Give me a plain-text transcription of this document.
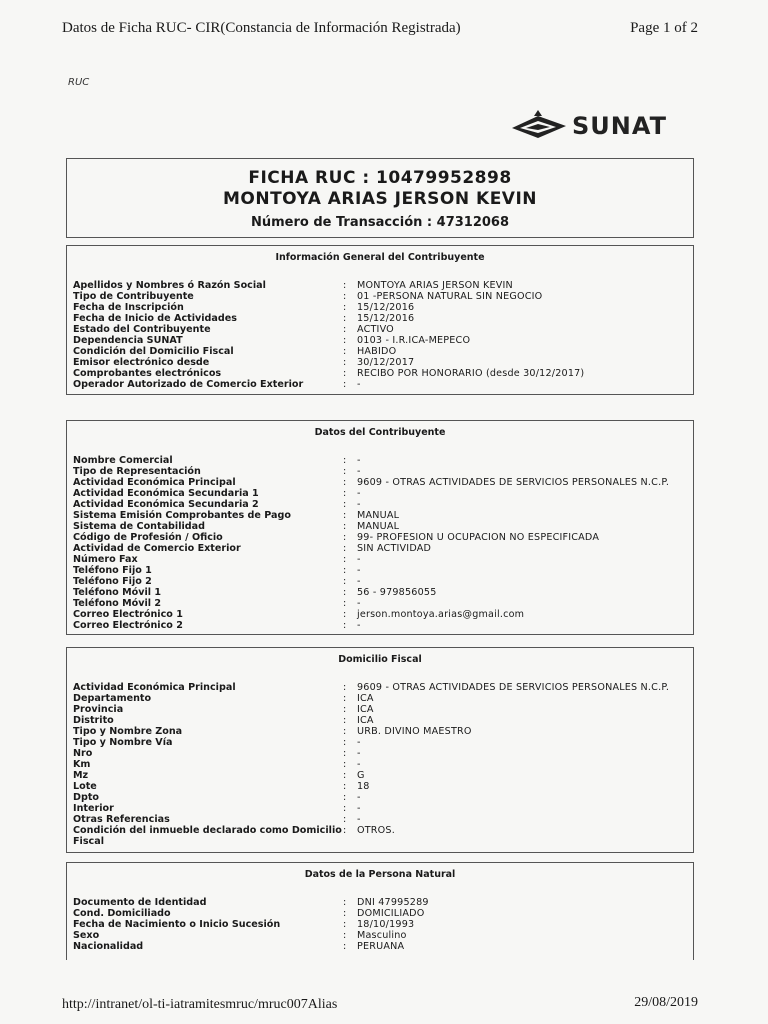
Datos de Ficha RUC- CIR(Constancia de Información Registrada)	Page 1 of 2
RUC
SUNAT
FICHA RUC : 10479952898
MONTOYA ARIAS JERSON KEVIN
Número de Transacción : 47312068
Información General del Contribuyente
Apellidos y Nombres ó Razón Social	:	MONTOYA ARIAS JERSON KEVIN
Tipo de Contribuyente	:	01 -PERSONA NATURAL SIN NEGOCIO
Fecha de Inscripción	:	15/12/2016
Fecha de Inicio de Actividades	:	15/12/2016
Estado del Contribuyente	:	ACTIVO
Dependencia SUNAT	:	0103 - I.R.ICA-MEPECO
Condición del Domicilio Fiscal	:	HABIDO
Emisor electrónico desde	:	30/12/2017
Comprobantes electrónicos	:	RECIBO POR HONORARIO (desde 30/12/2017)
Operador Autorizado de Comercio Exterior	:	-
Datos del Contribuyente
Nombre Comercial	:	-
Tipo de Representación	:	-
Actividad Económica Principal	:	9609 - OTRAS ACTIVIDADES DE SERVICIOS PERSONALES N.C.P.
Actividad Económica Secundaria 1	:	-
Actividad Económica Secundaria 2	:	-
Sistema Emisión Comprobantes de Pago	:	MANUAL
Sistema de Contabilidad	:	MANUAL
Código de Profesión / Oficio	:	99- PROFESION U OCUPACION NO ESPECIFICADA
Actividad de Comercio Exterior	:	SIN ACTIVIDAD
Número Fax	:	-
Teléfono Fijo 1	:	-
Teléfono Fijo 2	:	-
Teléfono Móvil 1	:	56 - 979856055
Teléfono Móvil 2	:	-
Correo Electrónico 1	:	jerson.montoya.arias@gmail.com
Correo Electrónico 2	:	-
Domicilio Fiscal
Actividad Económica Principal	:	9609 - OTRAS ACTIVIDADES DE SERVICIOS PERSONALES N.C.P.
Departamento	:	ICA
Provincia	:	ICA
Distrito	:	ICA
Tipo y Nombre Zona	:	URB. DIVINO MAESTRO
Tipo y Nombre Vía	:	-
Nro	:	-
Km	:	-
Mz	:	G
Lote	:	18
Dpto	:	-
Interior	:	-
Otras Referencias	:	-
Condición del inmueble declarado como Domicilio Fiscal
:	OTROS.
Datos de la Persona Natural
Documento de Identidad	:	DNI 47995289
Cond. Domiciliado	:	DOMICILIADO
Fecha de Nacimiento o Inicio Sucesión	:	18/10/1993
Sexo	:	Masculino
Nacionalidad	:	PERUANA
http://intranet/ol-ti-iatramitesmruc/mruc007Alias	29/08/2019
